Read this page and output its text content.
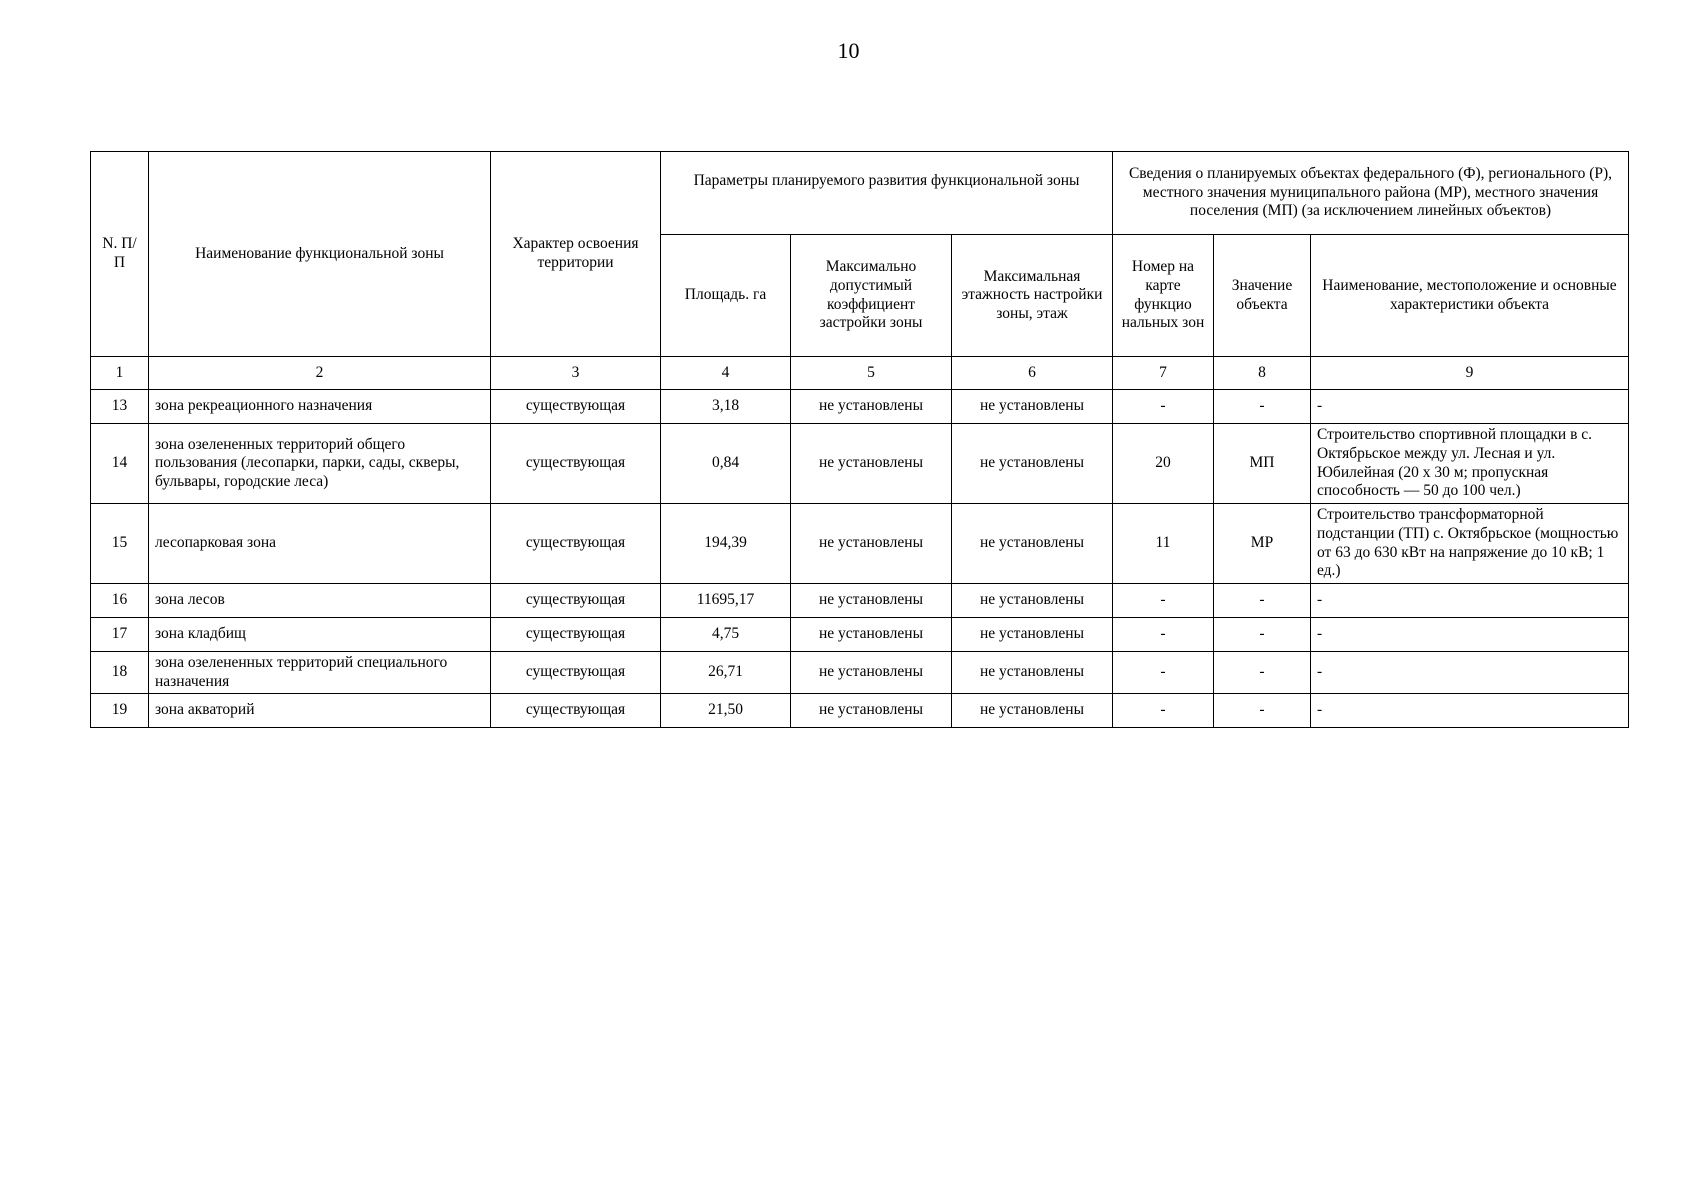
10
N. П/П	Наименование функциональной зоны	Характер освоения территории	Параметры планируемого развития функциональной зоны			Сведения о планируемых объектах федерального (Ф), регионального (Р), местного значения муниципального района (МР), местного значения поселения (МП) (за исключением линейных объектов)		
			Площадь. га	Максимально допустимый коэффициент застройки зоны	Максимальная этажность настройки зоны, этаж	Номер на карте функцио нальных зон	Значение объекта	Наименование, местоположение и основные характеристики объекта
1	2	3	4	5	6	7	8	9
13	зона рекреационного назначения	существующая	3,18	не установлены	не установлены	-	-	-
14	зона озелененных территорий общего пользования (лесопарки, парки, сады, скверы, бульвары, городские леса)	существующая	0,84	не установлены	не установлены	20	МП	Строительство спортивной площадки в с. Октябрьское между ул. Лесная и ул. Юбилейная (20 х 30 м; пропускная способность — 50 до 100 чел.)
15	лесопарковая зона	существующая	194,39	не установлены	не установлены	11	МР	Строительство трансформаторной подстанции (ТП) с. Октябрьское (мощностью от 63 до 630 кВт на напряжение до 10 кВ; 1 ед.)
16	зона лесов	существующая	11695,17	не установлены	не установлены	-	-	-
17	зона кладбищ	существующая	4,75	не установлены	не установлены	-	-	-
18	зона озелененных территорий специального назначения	существующая	26,71	не установлены	не установлены	-	-	-
19	зона акваторий	существующая	21,50	не установлены	не установлены	-	-	-
